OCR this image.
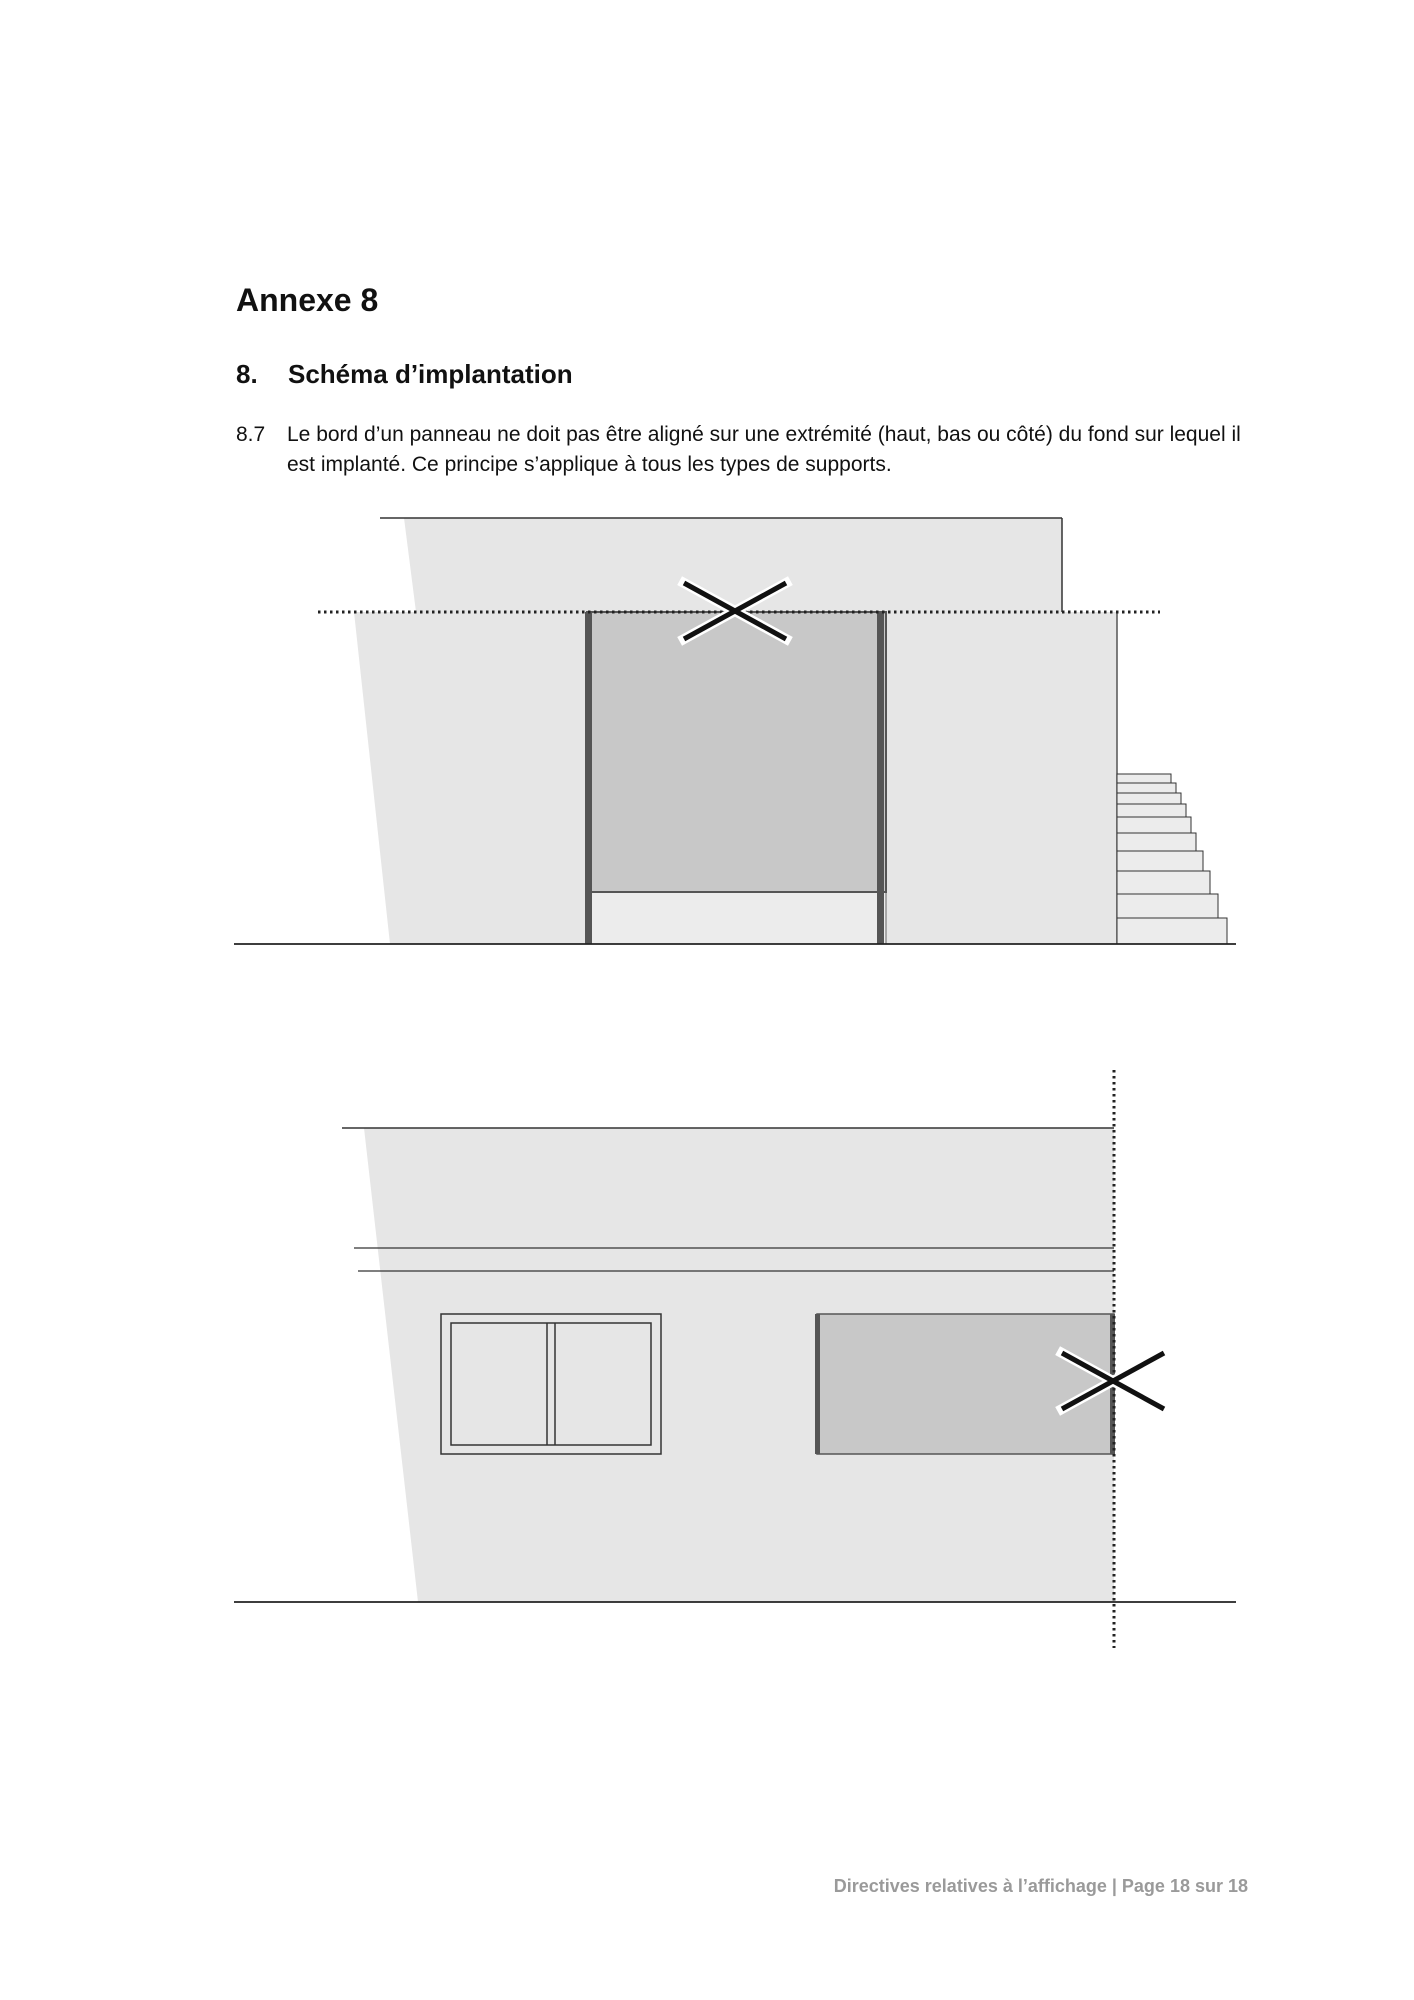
Annexe 8
8. Schéma d’implantation
8.7 Le bord d’un panneau ne doit pas être aligné sur une extrémité (haut, bas ou côté) du fond sur lequel il est implanté. Ce principe s’applique à tous les types de supports.
Directives relatives à l’affichage | Page 18 sur 18
